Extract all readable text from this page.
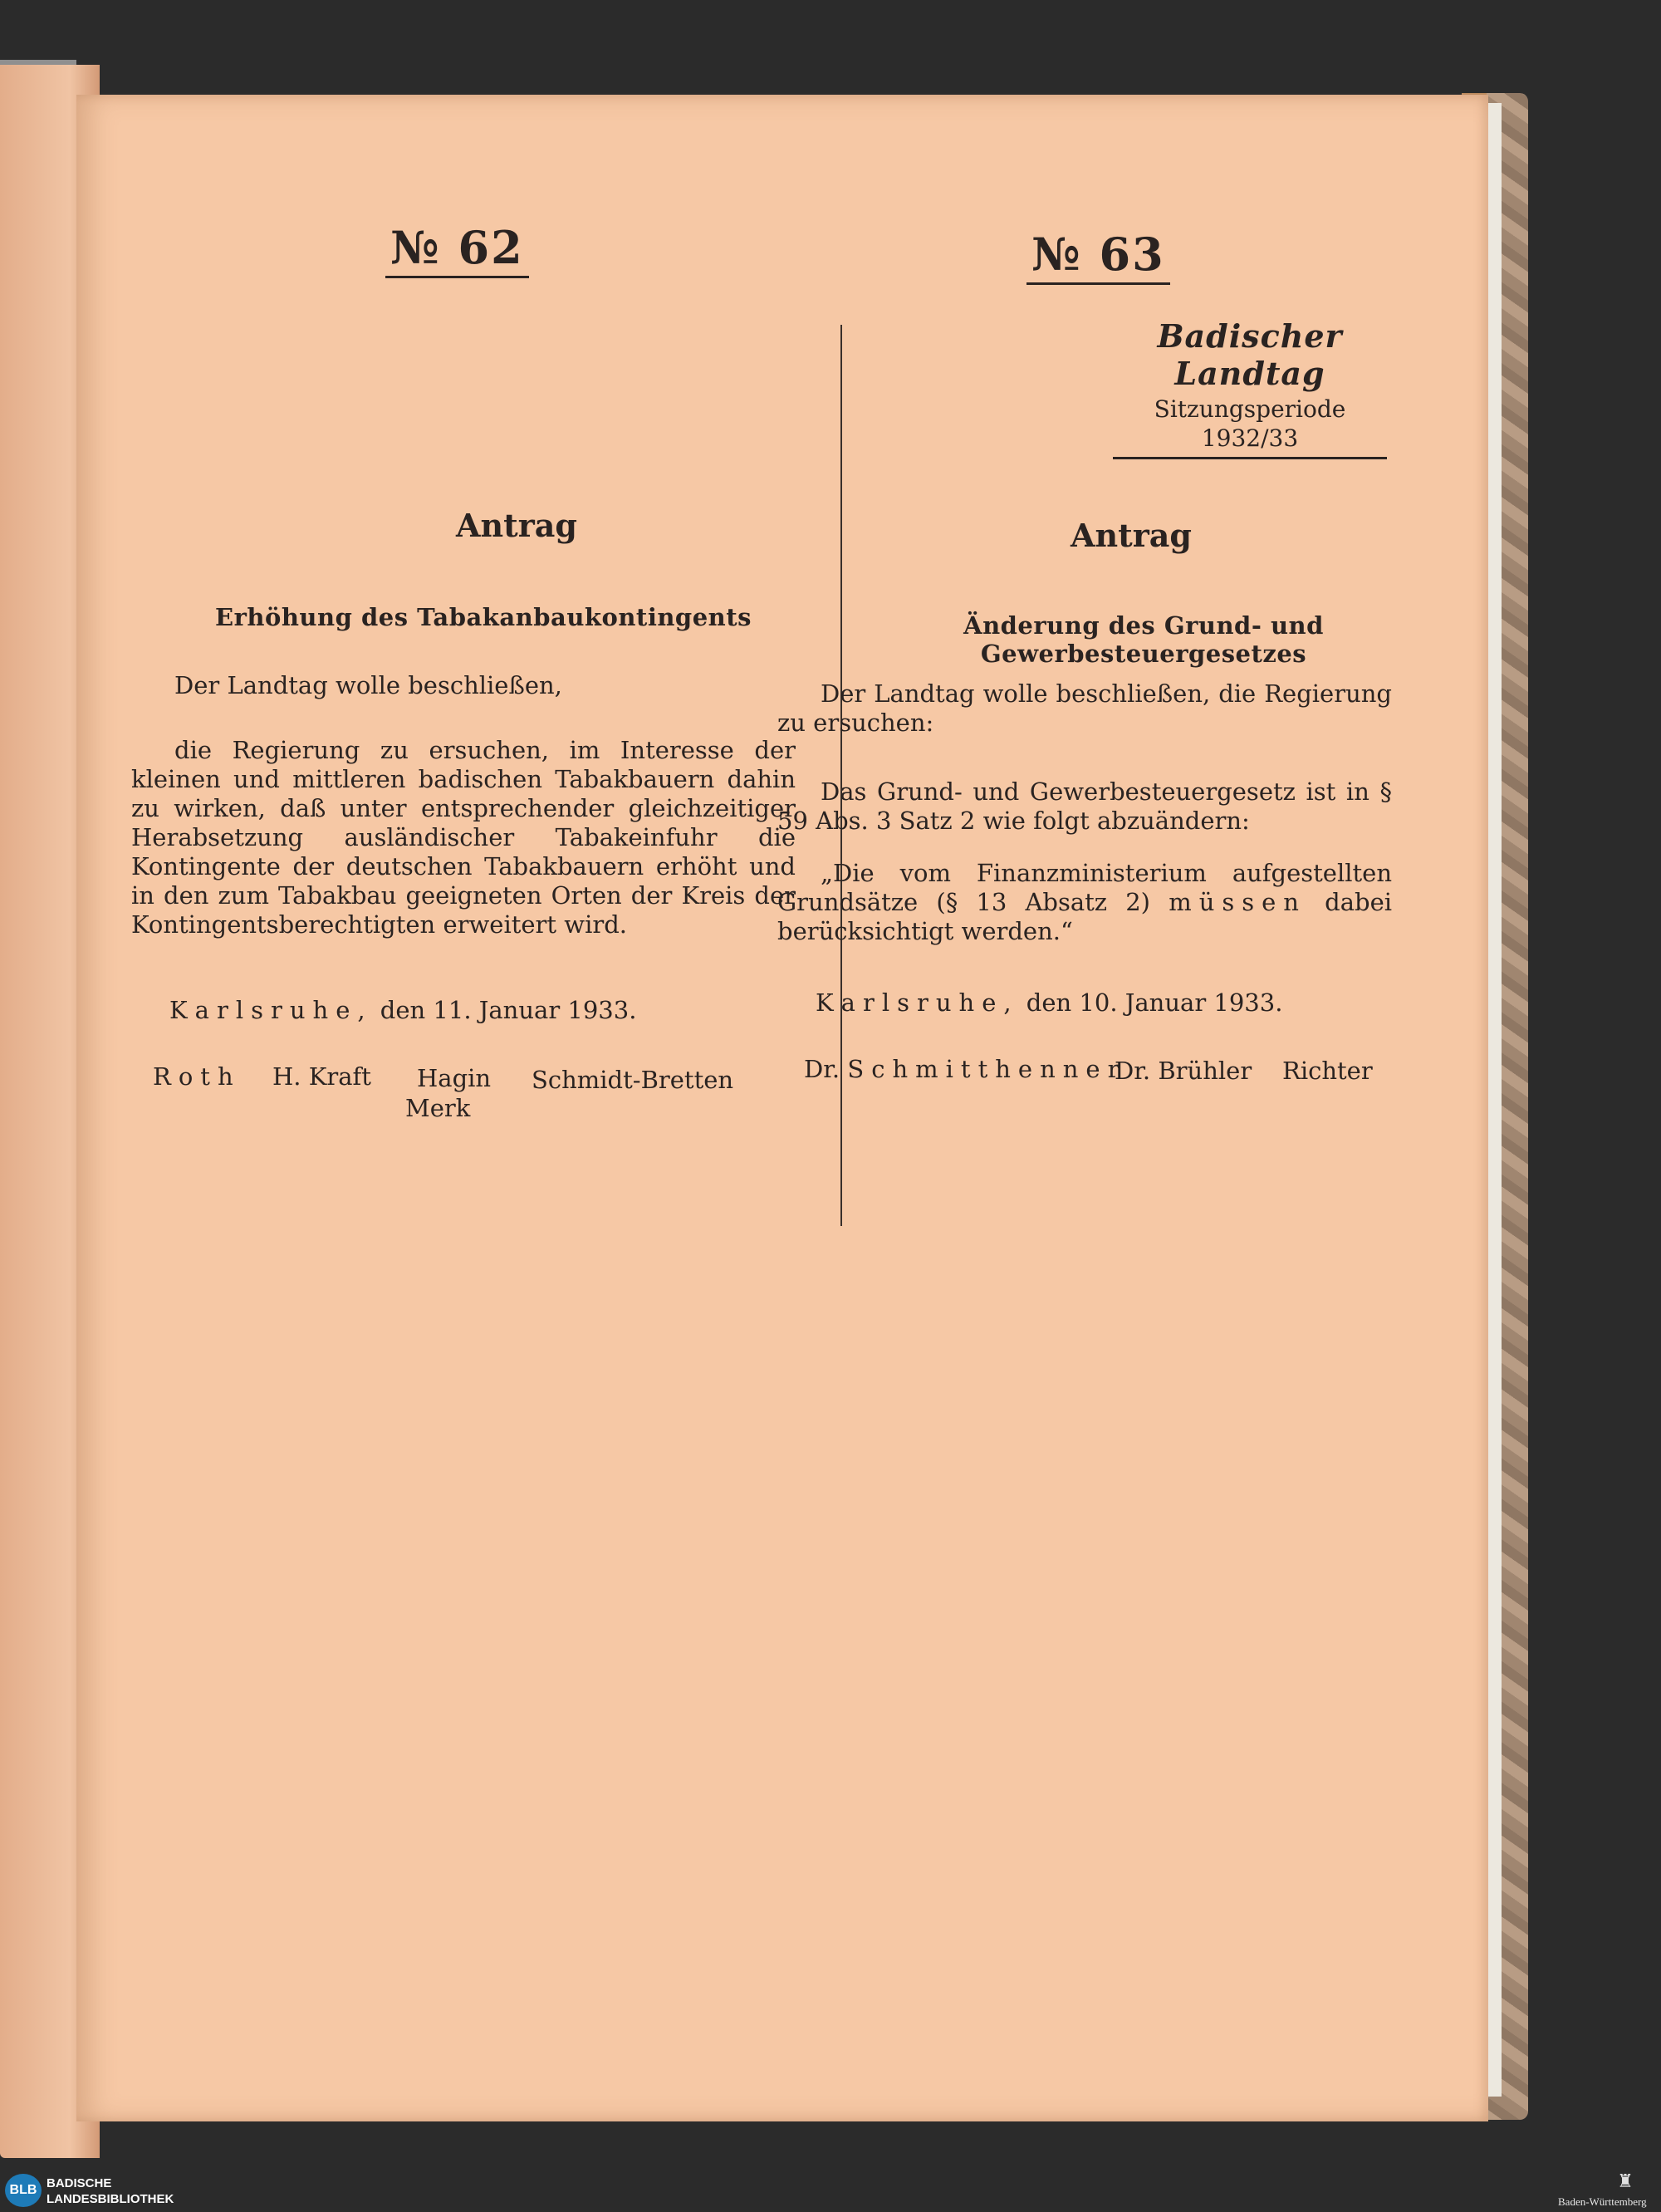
№ 62
Antrag
Erhöhung des Tabakanbaukontingents
Der Landtag wolle beschließen,
die Regierung zu ersuchen, im Interesse der kleinen und mittleren badischen Tabakbauern dahin zu wirken, daß unter entsprechender gleichzeitiger Herabsetzung ausländischer Tabakeinfuhr die Kontingente der deutschen Tabakbauern erhöht und in den zum Tabakbau geeigneten Orten der Kreis der Kontingentsberechtigten erweitert wird.
Karlsruhe, den 11. Januar 1933.
Roth H. Kraft Hagin Schmidt-Bretten
Merk
№ 63
Antrag
Änderung des Grund- und Gewerbesteuergesetzes
Der Landtag wolle beschließen, die Regierung zu ersuchen:
Das Grund- und Gewerbesteuergesetz ist in § 59 Abs. 3 Satz 2 wie folgt abzuändern:
„Die vom Finanzministerium aufgestellten Grundsätze (§ 13 Absatz 2) müssen dabei berücksichtigt werden.“
Karlsruhe, den 10. Januar 1933.
Dr. Schmitthenner
Dr. Brühler Richter
Badischer Landtag
Sitzungsperiode
1932/33
BLB BADISCHE
LANDESBIBLIOTHEK
♜
Baden-Württemberg
